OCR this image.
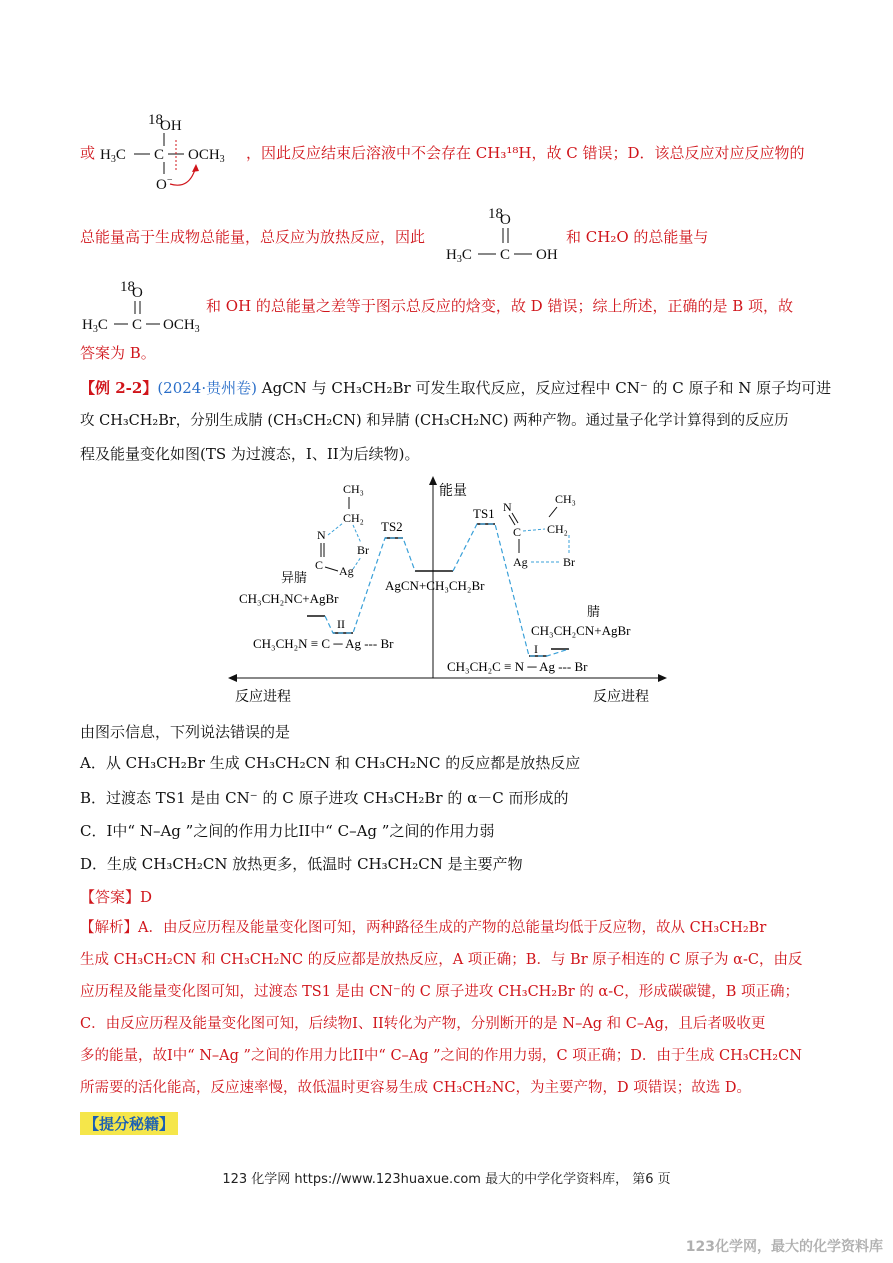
18
OH
$H_3C$ C $OCH_3$
O−
或	，因此反应结束后溶液中不会存在 CH₃¹⁸H，故 C 错误；D．该总反应对应反应物的
18
O
$H_3C$ C OH
总能量高于生成物总能量，总反应为放热反应，因此	和 CH₂O 的总能量与
18
O
$H_3C$ C $OCH_3$
和 OH 的总能量之差等于图示总反应的焓变，故 D 错误；综上所述，正确的是 B 项，故
答案为 B。
【例 2-2】(2024·贵州卷) AgCN 与 CH₃CH₂Br 可发生取代反应，反应过程中 CN⁻ 的 C 原子和 N 原子均可进
攻 CH₃CH₂Br，分别生成腈 (CH₃CH₂CN) 和异腈 (CH₃CH₂NC) 两种产物。通过量子化学计算得到的反应历
程及能量变化如图(TS 为过渡态，I、II为后续物)。
能量
反应进程	反应进程
TS2
TS1
AgCN+CH₃CH₂Br
CH₃
CH₂
N
C Ag
Br
异腈
CH₃CH₂NC+AgBr
II
CH₃CH₂N ≡ C ─ Ag --- Br
N
C
CH₃
CH₂
Ag	Br
腈
CH₃CH₂CN+AgBr
I
CH₃CH₂C ≡ N ─ Ag --- Br
由图示信息，下列说法错误的是
A．从 CH₃CH₂Br 生成 CH₃CH₂CN 和 CH₃CH₂NC 的反应都是放热反应
B．过渡态 TS1 是由 CN⁻ 的 C 原子进攻 CH₃CH₂Br 的 α－C 而形成的
C．I中“ N–Ag ”之间的作用力比II中“ C–Ag ”之间的作用力弱
D．生成 CH₃CH₂CN 放热更多，低温时 CH₃CH₂CN 是主要产物
【答案】D
【解析】A．由反应历程及能量变化图可知，两种路径生成的产物的总能量均低于反应物，故从 CH₃CH₂Br
生成 CH₃CH₂CN 和 CH₃CH₂NC 的反应都是放热反应，A 项正确；B．与 Br 原子相连的 C 原子为 α-C，由反
应历程及能量变化图可知，过渡态 TS1 是由 CN⁻的 C 原子进攻 CH₃CH₂Br 的 α-C，形成碳碳键，B 项正确；
C．由反应历程及能量变化图可知，后续物I、II转化为产物，分别断开的是 N–Ag 和 C–Ag，且后者吸收更
多的能量，故I中“ N–Ag ”之间的作用力比II中“ C–Ag ”之间的作用力弱，C 项正确；D．由于生成 CH₃CH₂CN
所需要的活化能高，反应速率慢，故低温时更容易生成 CH₃CH₂NC，为主要产物，D 项错误；故选 D。
【提分秘籍】
123 化学网 https://www.123huaxue.com 最大的中学化学资料库， 第6 页
123化学网，最大的化学资料库
